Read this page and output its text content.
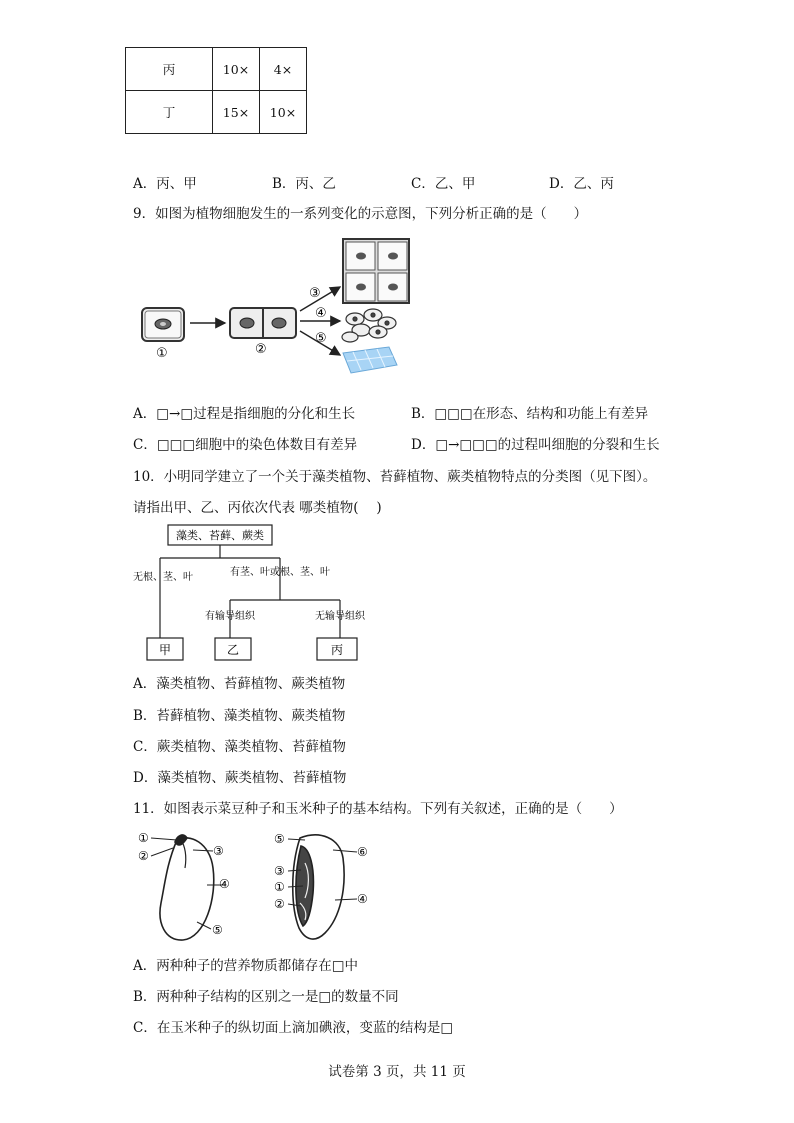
丙	10×	4×
丁	15×	10×
A．丙、甲	B．丙、乙	C．乙、甲	D．乙、丙
9．如图为植物细胞发生的一系列变化的示意图，下列分析正确的是（　　）
①	②
③
④
⑤
A．□→□过程是指细胞的分化和生长	B．□□□在形态、结构和功能上有差异
C．□□□细胞中的染色体数目有差异	D．□→□□□的过程叫细胞的分裂和生长
10．小明同学建立了一个关于藻类植物、苔藓植物、蕨类植物特点的分类图（见下图）。
请指出甲、乙、丙依次代表 哪类植物(　 )
藻类、苔藓、蕨类
无根、茎、叶	有茎、叶或根、茎、叶
有输导组织	无输导组织
甲	乙	丙
A．藻类植物、苔藓植物、蕨类植物
B．苔藓植物、藻类植物、蕨类植物
C．蕨类植物、藻类植物、苔藓植物
D．藻类植物、蕨类植物、苔藓植物
11．如图表示菜豆种子和玉米种子的基本结构。下列有关叙述，正确的是（　　）
①
②	③
④
⑤
⑤
③
①
②
⑥
④
A．两种种子的营养物质都储存在□中
B．两种种子结构的区别之一是□的数量不同
C．在玉米种子的纵切面上滴加碘液，变蓝的结构是□
试卷第 3 页，共 11 页
